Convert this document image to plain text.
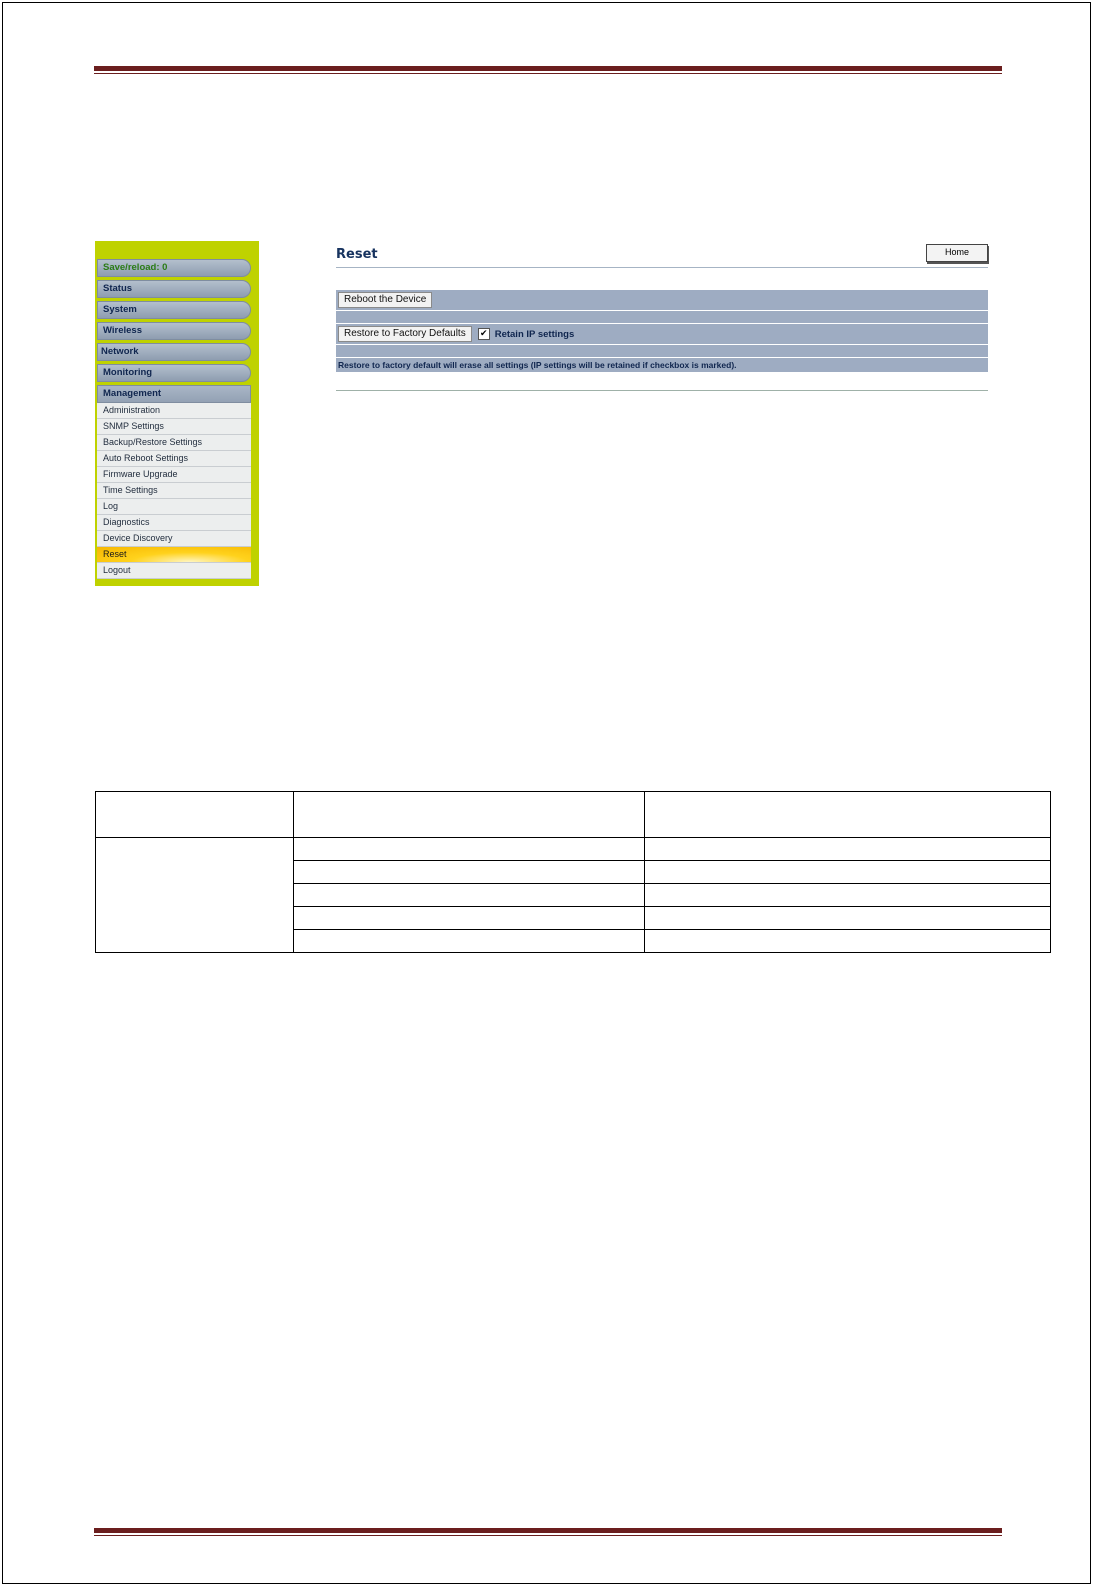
Save/reload: 0
Status
System
Wireless
Network
Monitoring
Management
Administration
SNMP Settings
Backup/Restore Settings
Auto Reboot Settings
Firmware Upgrade
Time Settings
Log
Diagnostics
Device Discovery
Reset
Logout
Reset	Home
Reboot the Device
Restore to Factory Defaults	✔ Retain IP settings
Restore to factory default will erase all settings (IP settings will be retained if checkbox is marked).
